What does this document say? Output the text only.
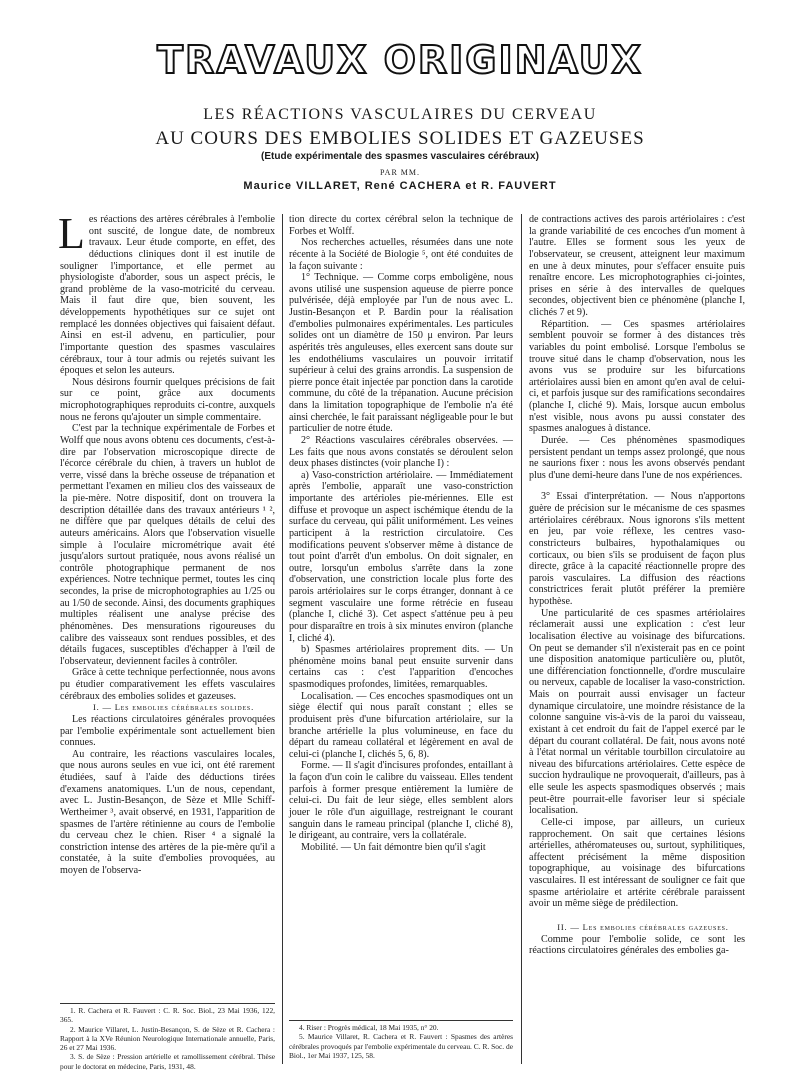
TRAVAUX ORIGINAUX
LES RÉACTIONS VASCULAIRES DU CERVEAU
AU COURS DES EMBOLIES SOLIDES ET GAZEUSES
(Etude expérimentale des spasmes vasculaires cérébraux)
PAR MM.
Maurice VILLARET, René CACHERA et R. FAUVERT

Les réactions des artères cérébrales à l'embolie ont suscité, de longue date, de nombreux travaux. Leur étude comporte, en effet, des déductions cliniques dont il est inutile de souligner l'importance, et elle permet au physiologiste d'aborder, sous un aspect précis, le grand problème de la vaso-motricité du cerveau. Mais il faut dire que, bien souvent, les développements hypothétiques sur ce sujet ont remplacé les données objectives qui faisaient défaut. Ainsi en est-il advenu, en particulier, pour l'importante question des spasmes vasculaires cérébraux, tour à tour admis ou rejetés suivant les époques et selon les auteurs.

Nous désirons fournir quelques précisions de fait sur ce point, grâce aux documents microphotographiques reproduits ci-contre, auxquels nous ne ferons qu'ajouter un simple commentaire.

C'est par la technique expérimentale de Forbes et Wolff que nous avons obtenu ces documents, c'est-à-dire par l'observation microscopique directe de l'écorce cérébrale du chien, à travers un hublot de verre, vissé dans la brèche osseuse de trépanation et permettant l'examen en milieu clos des vaisseaux de la pie-mère. Notre dispositif, dont on trouvera la description détaillée dans des travaux antérieurs ¹ ², ne diffère que par quelques détails de celui des auteurs américains. Alors que l'observation visuelle simple à l'oculaire micrométrique avait été jusqu'alors surtout pratiquée, nous avons réalisé un contrôle photographique permanent de nos expériences. Notre technique permet, toutes les cinq secondes, la prise de microphotographies au 1/25 ou au 1/50 de seconde. Ainsi, des documents graphiques multiples réalisent une analyse précise des phénomènes. Des mensurations rigoureuses du calibre des vaisseaux sont rendues possibles, et des détails fugaces, susceptibles d'échapper à l'œil de l'observateur, deviennent faciles à contrôler.

Grâce à cette technique perfectionnée, nous avons pu étudier comparativement les effets vasculaires cérébraux des embolies solides et gazeuses.

I. — Les embolies cérébrales solides.

Les réactions circulatoires générales provoquées par l'embolie expérimentale sont actuellement bien connues.

Au contraire, les réactions vasculaires locales, que nous aurons seules en vue ici, ont été rarement étudiées, sauf à l'aide des déductions tirées d'examens anatomiques. L'un de nous, cependant, avec L. Justin-Besançon, de Sèze et Mlle Schiff-Wertheimer ³, avait observé, en 1931, l'apparition de spasmes de l'artère rétinienne au cours de l'embolie du cerveau chez le chien. Riser ⁴ a signalé la constriction intense des artères de la pie-mère qu'il a constatée, à la suite d'embolies provoquées, au moyen de l'observa-

1. R. Cachera et R. Fauvert : C. R. Soc. Biol., 23 Mai 1936, 122, 365.

2. Maurice Villaret, L. Justin-Besançon, S. de Sèze et R. Cachera : Rapport à la XVe Réunion Neurologique Internationale annuelle, Paris, 26 et 27 Mai 1936.

3. S. de Sèze : Pression artérielle et ramollissement cérébral. Thèse pour le doctorat en médecine, Paris, 1931, 48.

tion directe du cortex cérébral selon la technique de Forbes et Wolff.

Nos recherches actuelles, résumées dans une note récente à la Société de Biologie ⁵, ont été conduites de la façon suivante :

1° Technique. — Comme corps emboligène, nous avons utilisé une suspension aqueuse de pierre ponce pulvérisée, déjà employée par l'un de nous avec L. Justin-Besançon et P. Bardin pour la réalisation d'embolies pulmonaires expérimentales. Les particules solides ont un diamètre de 150 μ environ. Par leurs aspérités très anguleuses, elles exercent sans doute sur les endothéliums vasculaires un pouvoir irritatif supérieur à celui des grains arrondis. La suspension de pierre ponce était injectée par ponction dans la carotide commune, du côté de la trépanation. Aucune précision dans la limitation topographique de l'embolie n'a été ainsi cherchée, le fait paraissant négligeable pour le but particulier de notre étude.

2° Réactions vasculaires cérébrales observées. — Les faits que nous avons constatés se déroulent selon deux phases distinctes (voir planche I) :

a) Vaso-constriction artériolaire. — Immédiatement après l'embolie, apparaît une vaso-constriction importante des artérioles pie-mériennes. Elle est diffuse et provoque un aspect ischémique étendu de la surface du cerveau, qui pâlit uniformément. Les veines participent à la restriction circulatoire. Ces modifications peuvent s'observer même à distance de tout point d'arrêt d'un embolus. On doit signaler, en outre, lorsqu'un embolus s'arrête dans la zone d'observation, une constriction locale plus forte des parois artériolaires sur le corps étranger, donnant à ce segment vasculaire une forme rétrécie en fuseau (planche I, cliché 3). Cet aspect s'atténue peu à peu pour disparaître en trois à six minutes environ (planche I, cliché 4).

b) Spasmes artériolaires proprement dits. — Un phénomène moins banal peut ensuite survenir dans certains cas : c'est l'apparition d'encoches spasmodiques profondes, limitées, remarquables.

Localisation. — Ces encoches spasmodiques ont un siège électif qui nous paraît constant ; elles se produisent près d'une bifurcation artériolaire, sur la branche artérielle la plus volumineuse, en face du départ du rameau collatéral et légèrement en aval de celui-ci (planche I, clichés 5, 6, 8).

Forme. — Il s'agit d'incisures profondes, entaillant à la façon d'un coin le calibre du vaisseau. Elles tendent parfois à former presque entièrement la lumière de celui-ci. Du fait de leur siège, elles semblent alors jouer le rôle d'un aiguillage, restreignant le courant sanguin dans le rameau principal (planche I, cliché 8), le dirigeant, au contraire, vers la collatérale.

Mobilité. — Un fait démontre bien qu'il s'agit

4. Riser : Progrès médical, 18 Mai 1935, n° 20.

5. Maurice Villaret, R. Cachera et R. Fauvert : Spasmes des artères cérébrales provoqués par l'embolie expérimentale du cerveau. C. R. Soc. de Biol., 1er Mai 1937, 125, 58.

de contractions actives des parois artériolaires : c'est la grande variabilité de ces encoches d'un moment à l'autre. Elles se forment sous les yeux de l'observateur, se creusent, atteignent leur maximum en une à deux minutes, pour s'effacer ensuite puis renaître encore. Les microphotographies ci-jointes, prises en série à des intervalles de quelques secondes, objectivent bien ce phénomène (planche I, clichés 7 et 9).

Répartition. — Ces spasmes artériolaires semblent pouvoir se former à des distances très variables du point embolisé. Lorsque l'embolus se trouve situé dans le champ d'observation, nous les avons vus se produire sur les bifurcations artériolaires aussi bien en amont qu'en aval de celui-ci, et parfois jusque sur des ramifications secondaires (planche I, cliché 9). Mais, lorsque aucun embolus n'est visible, nous avons pu aussi constater des spasmes analogues à distance.

Durée. — Ces phénomènes spasmodiques persistent pendant un temps assez prolongé, que nous ne saurions fixer : nous les avons observés pendant plus d'une demi-heure dans l'une de nos expériences.

3° Essai d'interprétation. — Nous n'apportons guère de précision sur le mécanisme de ces spasmes artériolaires cérébraux. Nous ignorons s'ils mettent en jeu, par voie réflexe, les centres vaso-constricteurs bulbaires, hypothalamiques ou corticaux, ou bien s'ils se produisent de façon plus directe, grâce à la capacité réactionnelle propre des parois vasculaires. La diffusion des réactions constrictrices ferait plutôt préférer la première hypothèse.

Une particularité de ces spasmes artériolaires réclamerait aussi une explication : c'est leur localisation élective au voisinage des bifurcations. On peut se demander s'il n'existerait pas en ce point une disposition anatomique particulière ou, plutôt, une différenciation fonctionnelle, d'ordre musculaire ou nerveux, capable de localiser la vaso-constriction. Mais on pourrait aussi envisager un facteur dynamique circulatoire, une moindre résistance de la colonne sanguine vis-à-vis de la paroi du vaisseau, existant à cet endroit du fait de l'appel exercé par le départ du courant collatéral. De fait, nous avons noté à l'état normal un véritable tourbillon circulatoire au niveau des bifurcations artériolaires. Cette espèce de succion hydraulique ne provoquerait, d'ailleurs, pas à elle seule les aspects spasmodiques observés ; mais peut-être pourrait-elle favoriser leur si spéciale localisation.

Celle-ci impose, par ailleurs, un curieux rapprochement. On sait que certaines lésions artérielles, athéromateuses ou, surtout, syphilitiques, affectent précisément la même disposition topographique, au voisinage des bifurcations vasculaires. Il est intéressant de souligner ce fait que spasme artériolaire et artérite cérébrale paraissent avoir un même siège de prédilection.

II. — Les embolies cérébrales gazeuses.

Comme pour l'embolie solide, ce sont les réactions circulatoires générales des embolies ga-
